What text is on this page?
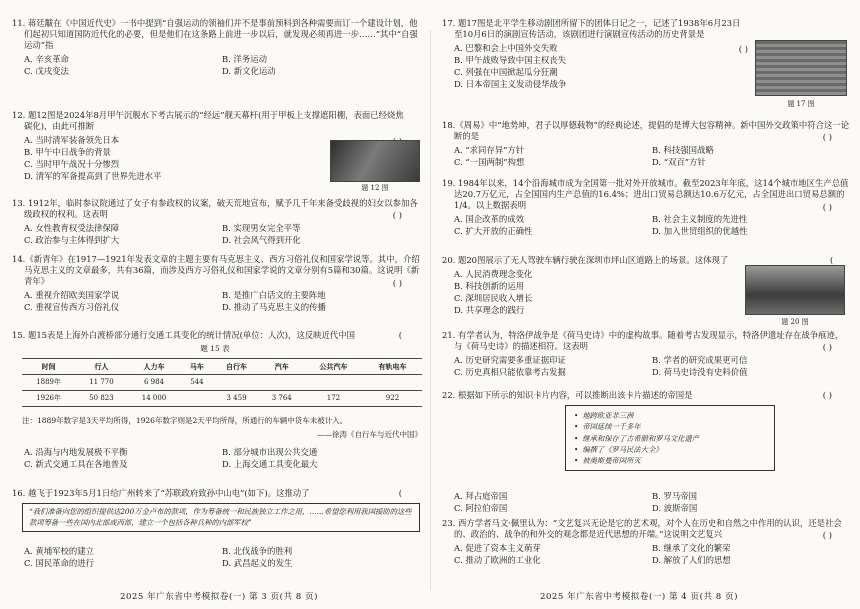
11. 蒋廷黻在《中国近代史》一书中提到“自强运动的领袖们并不是事前预料到各种需要而订一个建设计划，他们起初只知道国防近代化的必要，但是他们在这条路上前进一步以后，就发现必须再进一步……”其中“自强运动”指
A. 辛亥革命	B. 洋务运动
C. 戊戌变法	D. 新文化运动
12. 题12图是2024年8月甲午沉舰水下考古展示的“经远”舰天幕杆(用于甲板上支撑遮阳棚，表面已经烧焦碳化)，由此可推断
A. 当时清军装备领先日本
B. 甲午中日战争的背景
C. 当时甲午战况十分惨烈
D. 清军的军备提高到了世界先进水平
题 12 图
13. 1912年，临时参议院通过了女子有参政权的议案，破天荒地宣布，赋予几千年来备受歧视的妇女以参加各级政权的权利。这表明	( )
A. 女性教育权受法律保障	B. 实现男女完全平等
C. 政治参与主体得到扩大	D. 社会风气得到开化
14.《新青年》在1917—1921年发表文章的主题主要有马克思主义、西方习俗礼仪和国家学说等。其中，介绍马克思主义的文章最多，共有36篇，而涉及西方习俗礼仪和国家学说的文章分别有5篇和30篇。这说明《新青年》	( )
A. 重视介绍欧美国家学说	B. 是推广白话文的主要阵地
C. 重视宣传西方习俗礼仪	D. 推动了马克思主义的传播
15. 题15表是上海外白渡桥部分通行交通工具变化的统计情况(单位：人次)，这反映近代中国	(
题 15 表
时间	行人	人力车	马车	自行车	汽车	公共汽车	有轨电车
1889年	11 770	6 984	544				
1926年	50 823	14 000		3 459	3 764	172	922
注：1889年数字是3天平均所得，1926年数字则是2天平均所得，所通行的车辆中货车未被计入。
——徐涛《自行车与近代中国》
A. 沿海与内地发展极不平衡	B. 部分城市出现公共交通
C. 新式交通工具在各地普及	D. 上海交通工具变化最大
16. 越飞于1923年5月1日给广州转来了“苏联政府致孙中山电”(如下)。这推动了	(
“我们准备向您的组织提供达200万金卢布的款项，作为筹备统一和民族独立工作之用，……希望您利用我国援助的这些款项筹备一些在国内北部或西部，建立一个包括各种兵种的内部军校”
A. 黄埔军校的建立	B. 北伐战争的胜利
C. 国民革命的进行	D. 武昌起义的发生
2025 年广东省中考模拟卷(一) 第 3 页(共 8 页)
17. 题17图是北平学生移动剧团所留下的团体日记之一，记述了1938年6月23日至10月6日的演剧宣传活动，该剧团进行演剧宣传活动的历史背景是
( )
A. 巴黎和会上中国外交失败
B. 甲午战败导致中国主权丧失
C. 列强在中国掀起瓜分狂潮
D. 日本帝国主义发动侵华战争
题 17 图
18.《周易》中“地势坤，君子以厚德载物”的经典论述，提倡的是博大包容精神。新中国外交政策中符合这一论断的是	( )
A. “求同存异”方针	B. 科技强国战略
C. “一国两制”构想	D. “双百”方针
19. 1984年以来，14个沿海城市成为全国第一批对外开放城市。截至2023年年底，这14个城市地区生产总值达20.7万亿元，占全国国内生产总值的16.4%；进出口贸易总额达10.6万亿元，占全国进出口贸易总额的1/4。以上数据表明	( )
A. 国企改革的成效	B. 社会主义制度的先进性
C. 扩大开放的正确性	D. 加入世贸组织的优越性
20. 题20图展示了无人驾驶车辆行驶在深圳市坪山区道路上的场景。这体现了
A. 人民消费理念变化
B. 科技创新的运用
C. 深圳居民收入增长
D. 共享理念的践行
(
题 20 图
21. 有学者认为，特洛伊战争是《荷马史诗》中的虚构故事。随着考古发现显示，特洛伊遗址存在战争痕迹，与《荷马史诗》的描述相符。这表明	( )
A. 历史研究需要多重证据印证	B. 学者的研究成果更可信
C. 历史真相只能依靠考古发掘	D. 荷马史诗没有史料价值
22. 根据如下所示的知识卡片内容，可以推断出该卡片描述的帝国是	( )
• 地跨欧亚非三洲
• 帝国延续一千多年
• 继承和保存了古希腊和罗马文化遗产
• 编撰了《罗马民法大全》
• 被奥斯曼帝国所灭
A. 拜占庭帝国	B. 罗马帝国
C. 阿拉伯帝国	D. 波斯帝国
23. 西方学者马文·佩里认为：“文艺复兴无论是它的艺术观，对个人在历史和自然之中作用的认识，还是社会的、政治的、战争的和外交的观念都是近代思想的开端。”这说明文艺复兴	( )
A. 促进了资本主义萌芽	B. 继承了文化的繁荣
C. 推动了欧洲的工业化	D. 解放了人们的思想
2025 年广东省中考模拟卷(一) 第 4 页(共 8 页)
